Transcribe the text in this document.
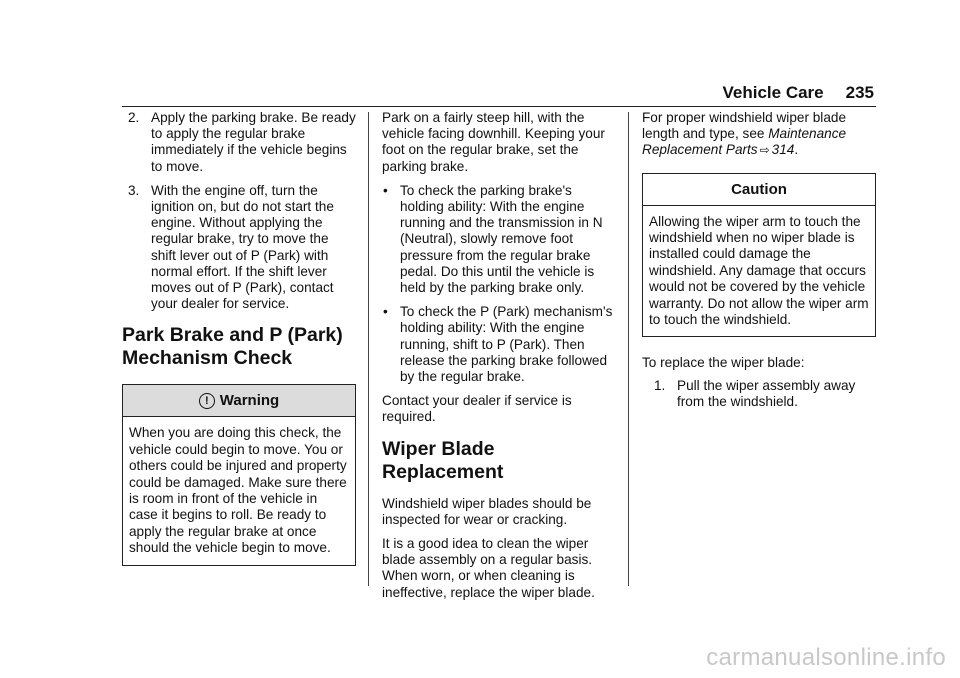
Vehicle Care 235
2. Apply the parking brake. Be ready to apply the regular brake immediately if the vehicle begins to move.
3. With the engine off, turn the ignition on, but do not start the engine. Without applying the regular brake, try to move the shift lever out of P (Park) with normal effort. If the shift lever moves out of P (Park), contact your dealer for service.
Park Brake and P (Park) Mechanism Check
! Warning
When you are doing this check, the vehicle could begin to move. You or others could be injured and property could be damaged. Make sure there is room in front of the vehicle in case it begins to roll. Be ready to apply the regular brake at once should the vehicle begin to move.

Park on a fairly steep hill, with the vehicle facing downhill. Keeping your foot on the regular brake, set the parking brake.

• To check the parking brake's holding ability: With the engine running and the transmission in N (Neutral), slowly remove foot pressure from the regular brake pedal. Do this until the vehicle is held by the parking brake only.
• To check the P (Park) mechanism's holding ability: With the engine running, shift to P (Park). Then release the parking brake followed by the regular brake.

Contact your dealer if service is required.

Wiper Blade Replacement

Windshield wiper blades should be inspected for wear or cracking.

It is a good idea to clean the wiper blade assembly on a regular basis. When worn, or when cleaning is ineffective, replace the wiper blade.

For proper windshield wiper blade length and type, see Maintenance Replacement Parts ⇨ 314.

Caution
Allowing the wiper arm to touch the windshield when no wiper blade is installed could damage the windshield. Any damage that occurs would not be covered by the vehicle warranty. Do not allow the wiper arm to touch the windshield.

To replace the wiper blade:

1. Pull the wiper assembly away from the windshield.
carmanualsonline.info
